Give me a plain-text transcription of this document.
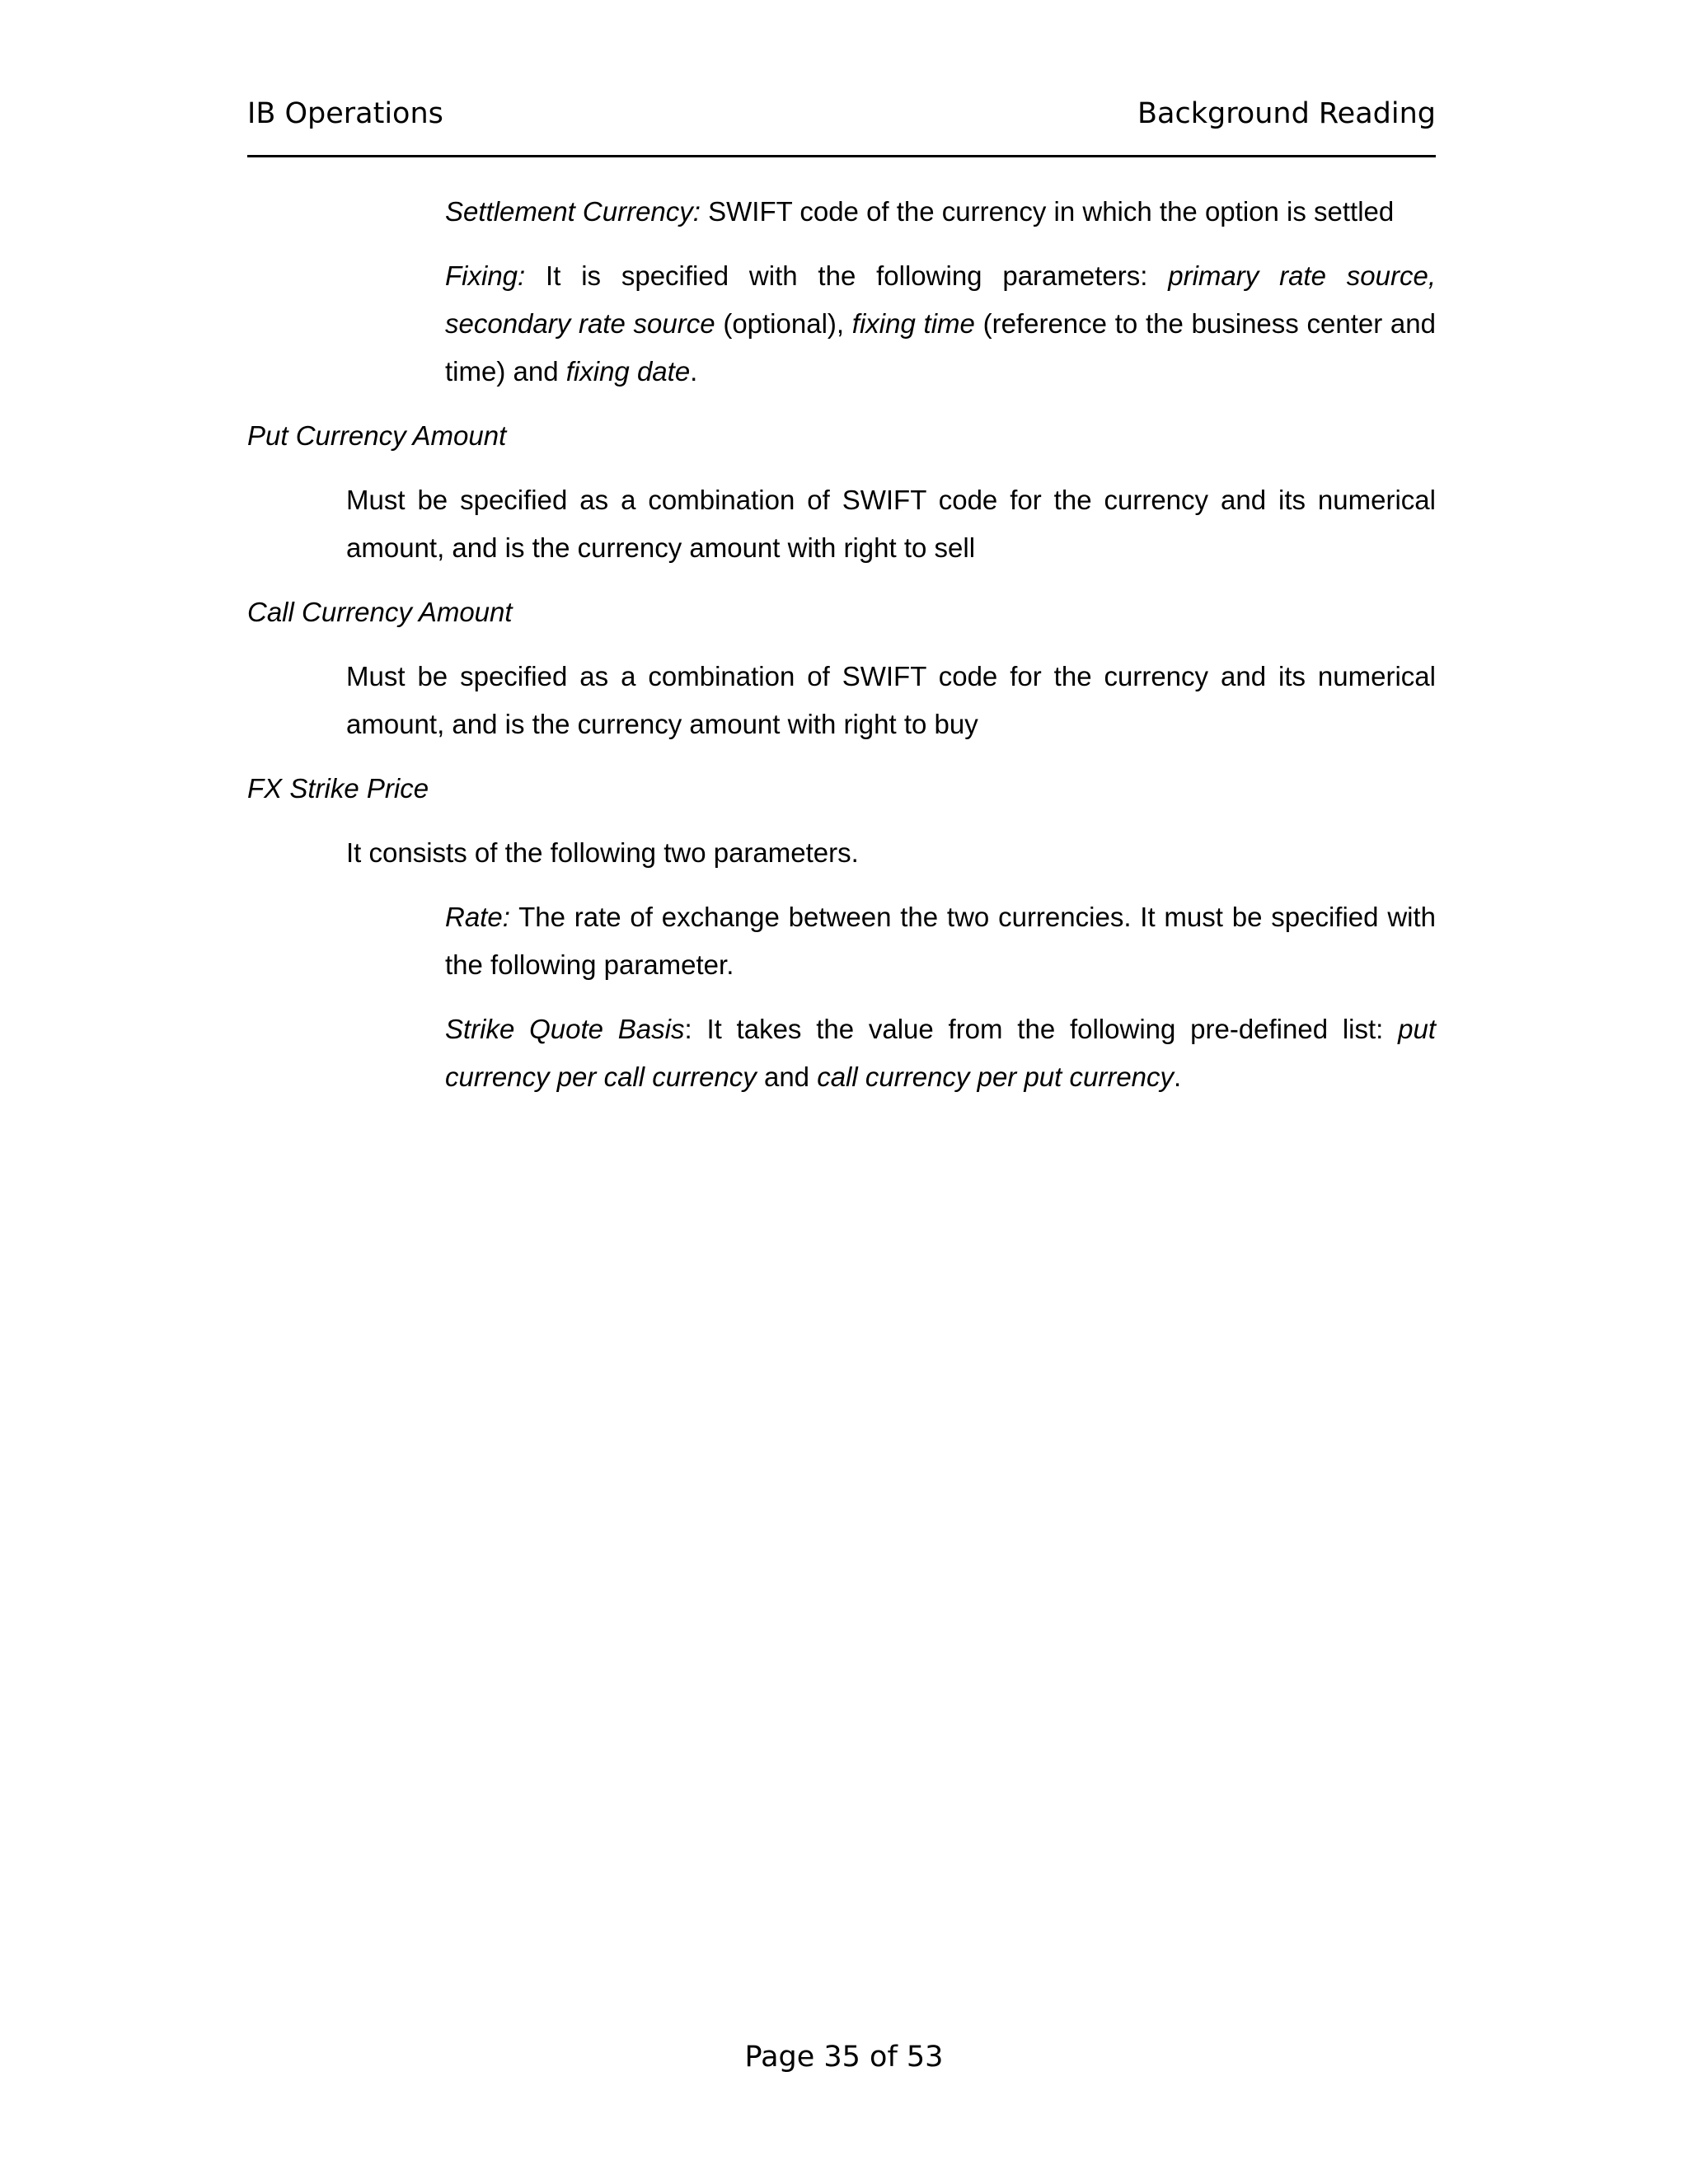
IB Operations	Background Reading
Settlement Currency: SWIFT code of the currency in which the option is settled
Fixing: It is specified with the following parameters: primary rate source, secondary rate source (optional), fixing time (reference to the business center and time) and fixing date.
Put Currency Amount
Must be specified as a combination of SWIFT code for the currency and its numerical amount, and is the currency amount with right to sell
Call Currency Amount
Must be specified as a combination of SWIFT code for the currency and its numerical amount, and is the currency amount with right to buy
FX Strike Price
It consists of the following two parameters.
Rate: The rate of exchange between the two currencies. It must be specified with the following parameter.
Strike Quote Basis: It takes the value from the following pre-defined list: put currency per call currency and call currency per put currency.
Page 35 of 53
